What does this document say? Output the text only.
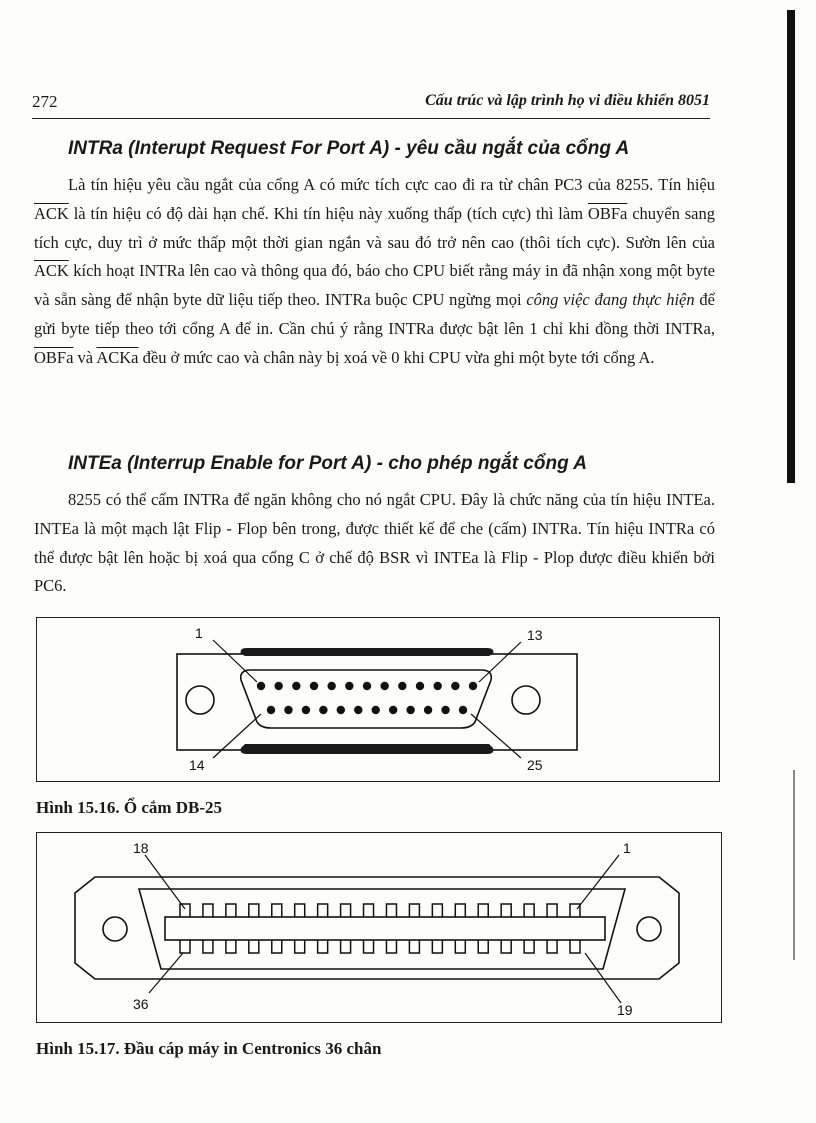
272	Cấu trúc và lập trình họ vi điều khiển 8051
INTRa (Interupt Request For Port A) - yêu cầu ngắt của cổng A
Là tín hiệu yêu cầu ngắt của cổng A có mức tích cực cao đi ra từ chân PC3 của 8255. Tín hiệu $\overline{ACK}$ là tín hiệu có độ dài hạn chế. Khi tín hiệu này xuống thấp (tích cực) thì làm OBFa chuyển sang tích cực, duy trì ở mức thấp một thời gian ngắn và sau đó trở nên cao (thôi tích cực). Sườn lên của $\overline{ACK}$ kích hoạt INTRa lên cao và thông qua đó, báo cho CPU biết rằng máy in đã nhận xong một byte và sẵn sàng để nhận byte dữ liệu tiếp theo. INTRa buộc CPU ngừng mọi công việc đang thực hiện để gửi byte tiếp theo tới cổng A để in. Cần chú ý rằng INTRa được bật lên 1 chỉ khi đồng thời INTRa, OBFa và ACKa đều ở mức cao và chân này bị xoá về 0 khi CPU vừa ghi một byte tới cổng A.
INTEa (Interrup Enable for Port A) - cho phép ngắt cổng A
8255 có thể cấm INTRa để ngăn không cho nó ngắt CPU. Đây là chức năng của tín hiệu INTEa. INTEa là một mạch lật Flip - Flop bên trong, được thiết kế để che (cấm) INTRa. Tín hiệu INTRa có thể được bật lên hoặc bị xoá qua cổng C ở chế độ BSR vì INTEa là Flip - Plop được điều khiển bởi PC6.
1	13
14	25
Hình 15.16. Ổ cắm DB-25
18	1
36	19
Hình 15.17. Đầu cáp máy in Centronics 36 chân
